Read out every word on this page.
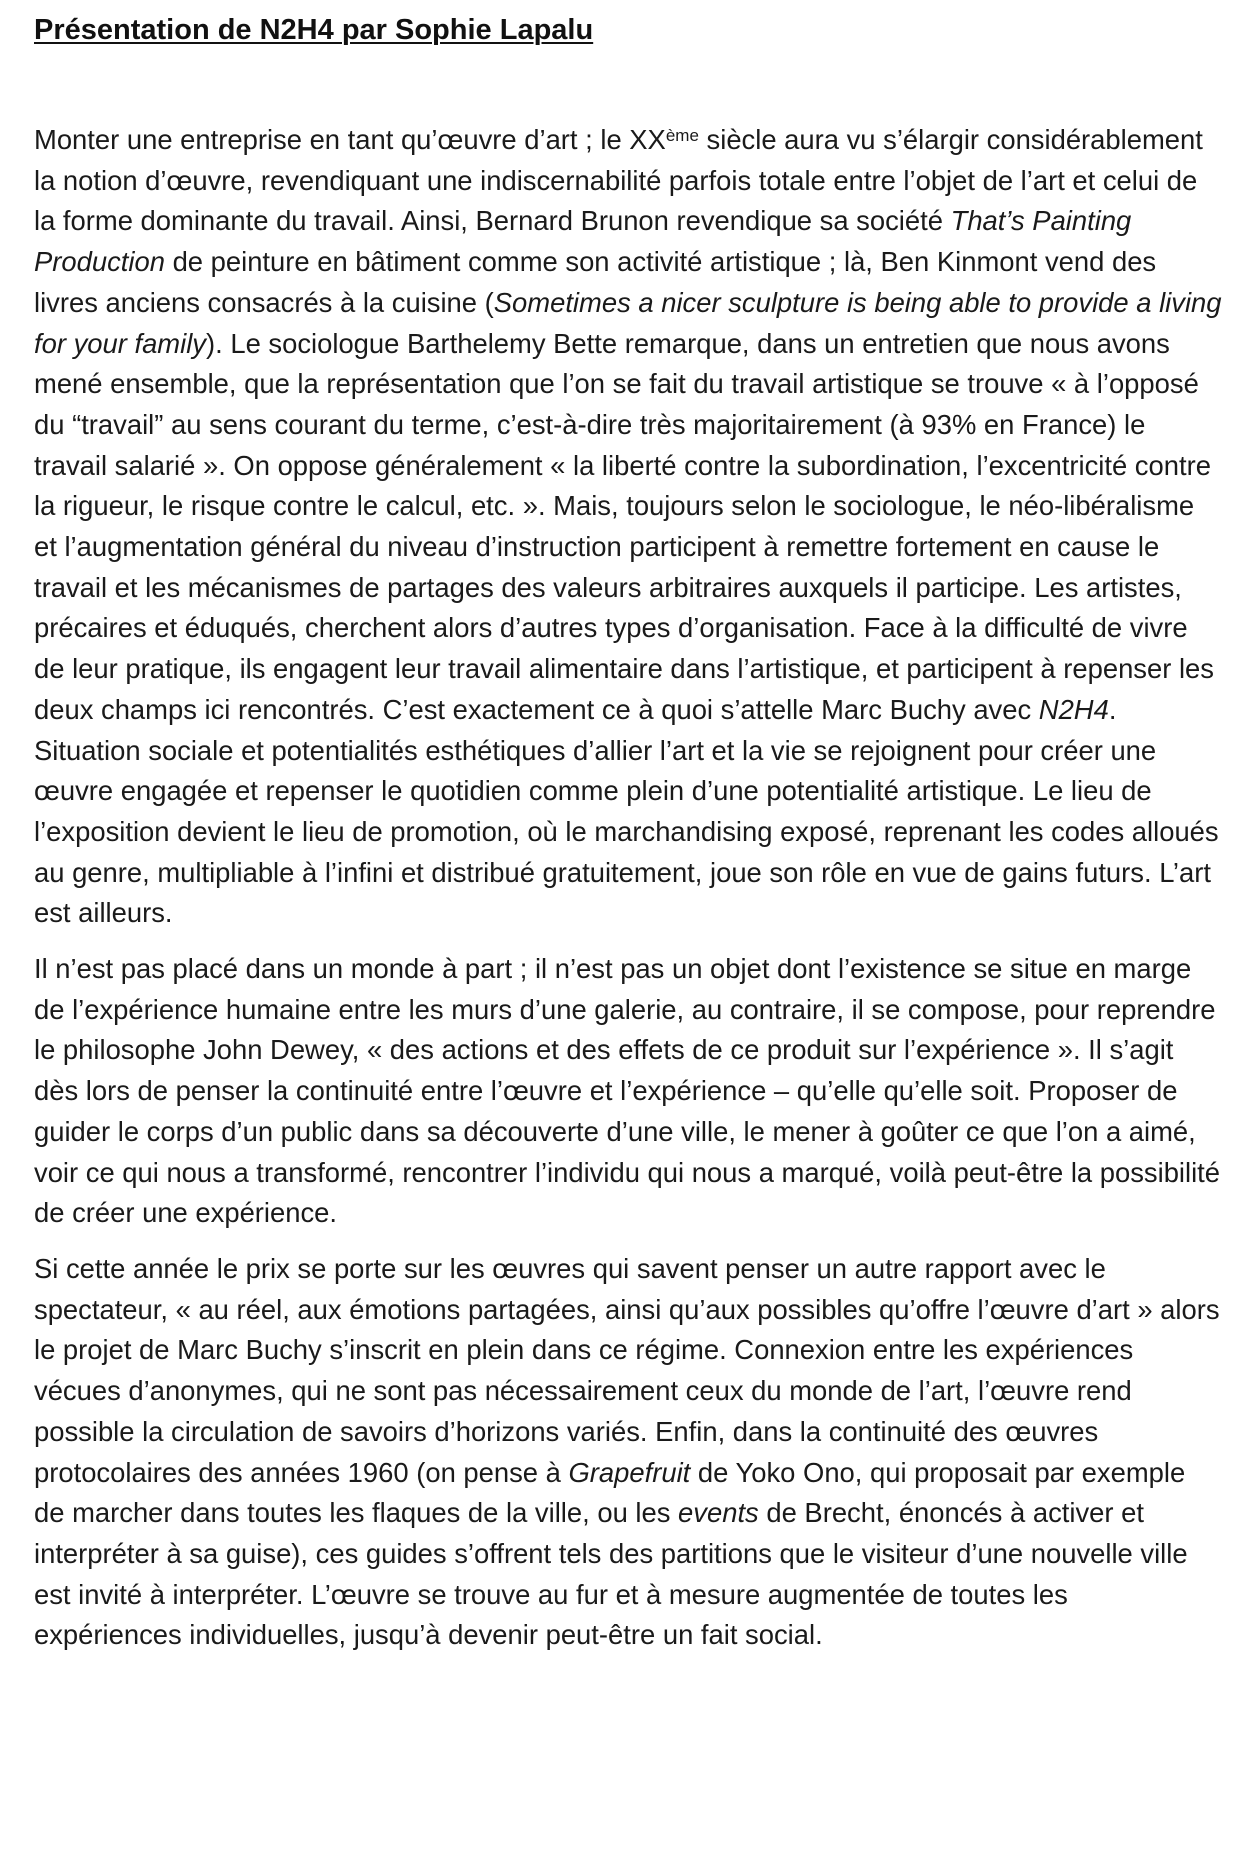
Présentation de N2H4 par Sophie Lapalu

Monter une entreprise en tant qu’œuvre d’art ; le XXème siècle aura vu s’élargir considérablement la notion d’œuvre, revendiquant une indiscernabilité parfois totale entre l’objet de l’art et celui de la forme dominante du travail. Ainsi, Bernard Brunon revendique sa société That’s Painting Production de peinture en bâtiment comme son activité artistique ; là, Ben Kinmont vend des livres anciens consacrés à la cuisine (Sometimes a nicer sculpture is being able to provide a living for your family). Le sociologue Barthelemy Bette remarque, dans un entretien que nous avons mené ensemble, que la représentation que l’on se fait du travail artistique se trouve « à l’opposé du “travail” au sens courant du terme, c’est-à-dire très majoritairement (à 93% en France) le travail salarié ». On oppose généralement « la liberté contre la subordination, l’excentricité contre la rigueur, le risque contre le calcul, etc. ». Mais, toujours selon le sociologue, le néo-libéralisme et l’augmentation général du niveau d’instruction participent à remettre fortement en cause le travail et les mécanismes de partages des valeurs arbitraires auxquels il participe. Les artistes, précaires et éduqués, cherchent alors d’autres types d’organisation. Face à la difficulté de vivre de leur pratique, ils engagent leur travail alimentaire dans l’artistique, et participent à repenser les deux champs ici rencontrés. C’est exactement ce à quoi s’attelle Marc Buchy avec N2H4. Situation sociale et potentialités esthétiques d’allier l’art et la vie se rejoignent pour créer une œuvre engagée et repenser le quotidien comme plein d’une potentialité artistique. Le lieu de l’exposition devient le lieu de promotion, où le marchandising exposé, reprenant les codes alloués au genre, multipliable à l’infini et distribué gratuitement, joue son rôle en vue de gains futurs. L’art est ailleurs.

Il n’est pas placé dans un monde à part ; il n’est pas un objet dont l’existence se situe en marge de l’expérience humaine entre les murs d’une galerie, au contraire, il se compose, pour reprendre le philosophe John Dewey, « des actions et des effets de ce produit sur l’expérience ». Il s’agit dès lors de penser la continuité entre l’œuvre et l’expérience – qu’elle qu’elle soit. Proposer de guider le corps d’un public dans sa découverte d’une ville, le mener à goûter ce que l’on a aimé, voir ce qui nous a transformé, rencontrer l’individu qui nous a marqué, voilà peut-être la possibilité de créer une expérience.

Si cette année le prix se porte sur les œuvres qui savent penser un autre rapport avec le spectateur, « au réel, aux émotions partagées, ainsi qu’aux possibles qu’offre l’œuvre d’art » alors le projet de Marc Buchy s’inscrit en plein dans ce régime. Connexion entre les expériences vécues d’anonymes, qui ne sont pas nécessairement ceux du monde de l’art, l’œuvre rend possible la circulation de savoirs d’horizons variés. Enfin, dans la continuité des œuvres protocolaires des années 1960 (on pense à Grapefruit de Yoko Ono, qui proposait par exemple de marcher dans toutes les flaques de la ville, ou les events de Brecht, énoncés à activer et interpréter à sa guise), ces guides s’offrent tels des partitions que le visiteur d’une nouvelle ville est invité à interpréter. L’œuvre se trouve au fur et à mesure augmentée de toutes les expériences individuelles, jusqu’à devenir peut-être un fait social.
